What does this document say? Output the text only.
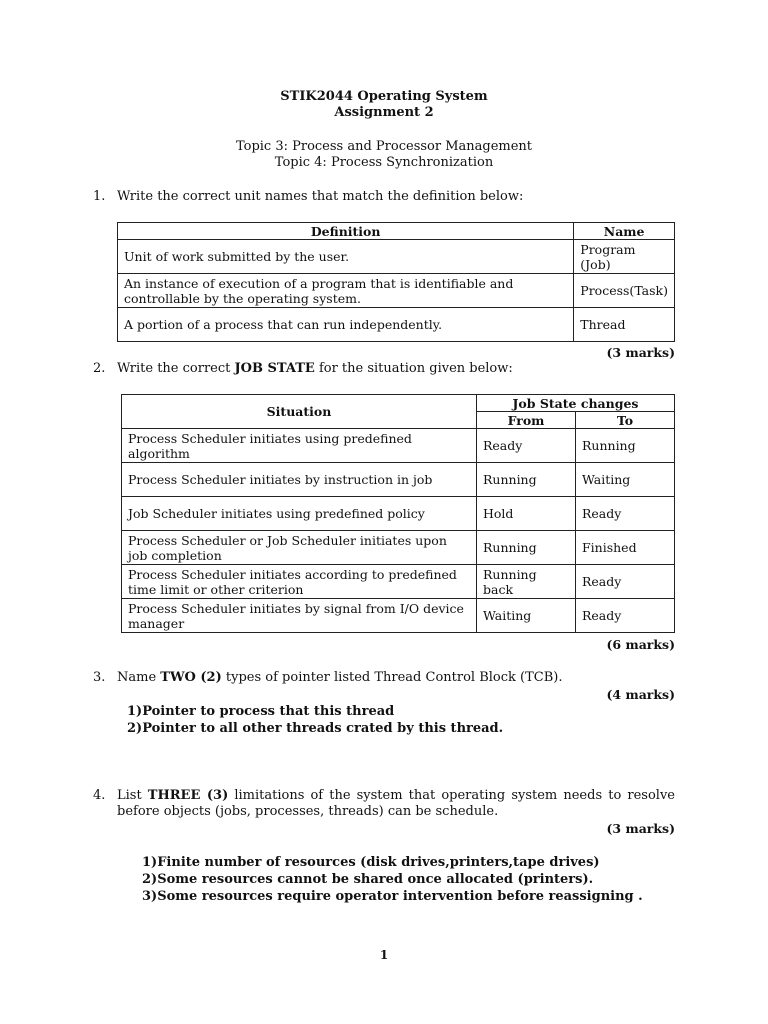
STIK2044 Operating System
Assignment 2
Topic 3: Process and Processor Management
Topic 4: Process Synchronization
1. Write the correct unit names that match the definition below:
Definition	Name
Unit of work submitted by the user.	Program (Job)
An instance of execution of a program that is identifiable and controllable by the operating system.	Process(Task)
A portion of a process that can run independently.	Thread
(3 marks)
2. Write the correct JOB STATE for the situation given below:
Situation	Job State changes	
	From	To
Process Scheduler initiates using predefined algorithm	Ready	Running
Process Scheduler initiates by instruction in job	Running	Waiting
Job Scheduler initiates using predefined policy	Hold	Ready
Process Scheduler or Job Scheduler initiates upon job completion	Running	Finished
Process Scheduler initiates according to predefined time limit or other criterion	Running back	Ready
Process Scheduler initiates by signal from I/O device manager	Waiting	Ready
(6 marks)
3. Name TWO (2) types of pointer listed Thread Control Block (TCB).
(4 marks)
1)Pointer to process that this thread
2)Pointer to all other threads crated by this thread.
4. List THREE (3) limitations of the system that operating system needs to resolve before objects (jobs, processes, threads) can be schedule.
(3 marks)
1)Finite number of resources (disk drives,printers,tape drives)
2)Some resources cannot be shared once allocated (printers).
3)Some resources require operator intervention before reassigning .
1
